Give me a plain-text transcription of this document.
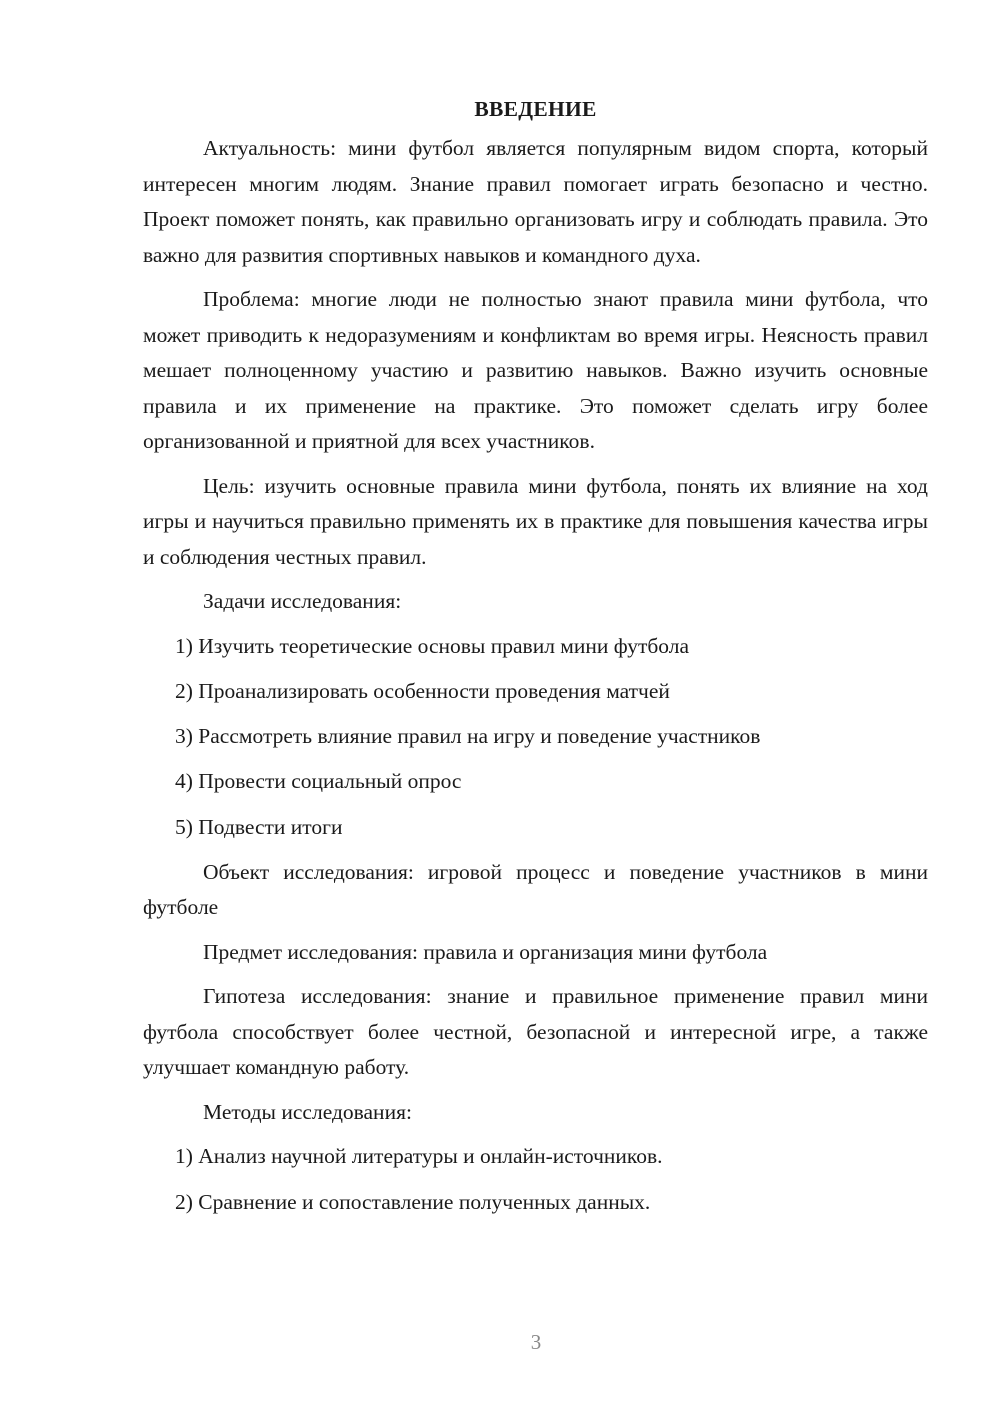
ВВЕДЕНИЕ

Актуальность: мини футбол является популярным видом спорта, который интересен многим людям. Знание правил помогает играть безопасно и честно. Проект поможет понять, как правильно организовать игру и соблюдать правила. Это важно для развития спортивных навыков и командного духа.

Проблема: многие люди не полностью знают правила мини футбола, что может приводить к недоразумениям и конфликтам во время игры. Неясность правил мешает полноценному участию и развитию навыков. Важно изучить основные правила и их применение на практике. Это поможет сделать игру более организованной и приятной для всех участников.

Цель: изучить основные правила мини футбола, понять их влияние на ход игры и научиться правильно применять их в практике для повышения качества игры и соблюдения честных правил.

Задачи исследования:

1) Изучить теоретические основы правил мини футбола
2) Проанализировать особенности проведения матчей
3) Рассмотреть влияние правил на игру и поведение участников
4) Провести социальный опрос
5) Подвести итоги

Объект исследования: игровой процесс и поведение участников в мини футболе

Предмет исследования: правила и организация мини футбола

Гипотеза исследования: знание и правильное применение правил мини футбола способствует более честной, безопасной и интересной игре, а также улучшает командную работу.

Методы исследования:

1) Анализ научной литературы и онлайн-источников.
2) Сравнение и сопоставление полученных данных.
3
